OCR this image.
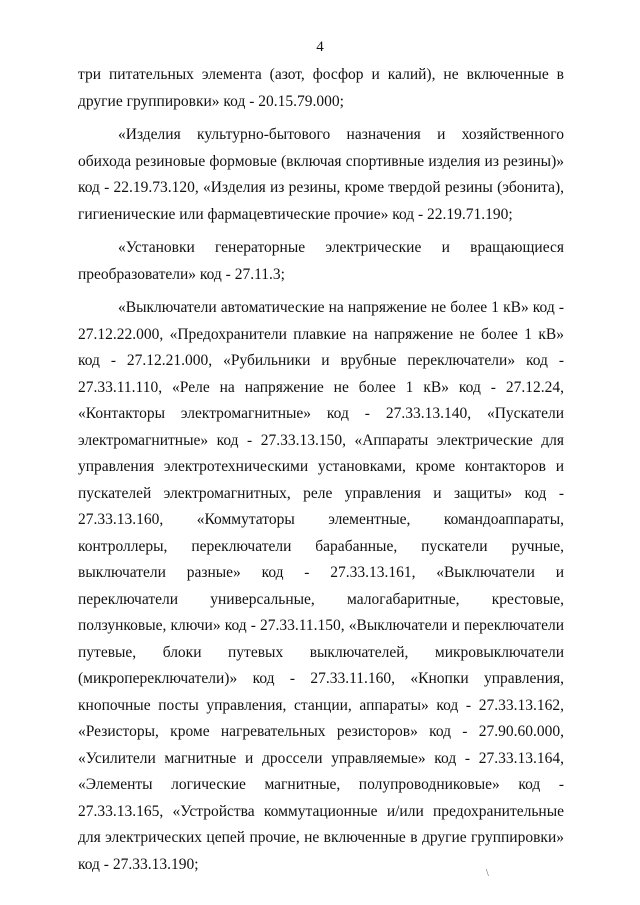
4

три питательных элемента (азот, фосфор и калий), не включенные в другие группировки» код - 20.15.79.000;

«Изделия культурно-бытового назначения и хозяйственного обихода резиновые формовые (включая спортивные изделия из резины)» код - 22.19.73.120, «Изделия из резины, кроме твердой резины (эбонита), гигиенические или фармацевтические прочие» код - 22.19.71.190;

«Установки генераторные электрические и вращающиеся преобразователи» код - 27.11.3;

«Выключатели автоматические на напряжение не более 1 кВ» код - 27.12.22.000, «Предохранители плавкие на напряжение не более 1 кВ» код - 27.12.21.000, «Рубильники и врубные переключатели» код - 27.33.11.110, «Реле на напряжение не более 1 кВ» код - 27.12.24, «Контакторы электромагнитные» код - 27.33.13.140, «Пускатели электромагнитные» код - 27.33.13.150, «Аппараты электрические для управления электротехническими установками, кроме контакторов и пускателей электромагнитных, реле управления и защиты» код - 27.33.13.160, «Коммутаторы элементные, командоаппараты, контроллеры, переключатели барабанные, пускатели ручные, выключатели разные» код - 27.33.13.161, «Выключатели и переключатели универсальные, малогабаритные, крестовые, ползунковые, ключи» код - 27.33.11.150, «Выключатели и переключатели путевые, блоки путевых выключателей, микровыключатели (микропереключатели)» код - 27.33.11.160, «Кнопки управления, кнопочные посты управления, станции, аппараты» код - 27.33.13.162, «Резисторы, кроме нагревательных резисторов» код - 27.90.60.000, «Усилители магнитные и дроссели управляемые» код - 27.33.13.164, «Элементы логические магнитные, полупроводниковые» код - 27.33.13.165, «Устройства коммутационные и/или предохранительные для электрических цепей прочие, не включенные в другие группировки» код - 27.33.13.190;

\
